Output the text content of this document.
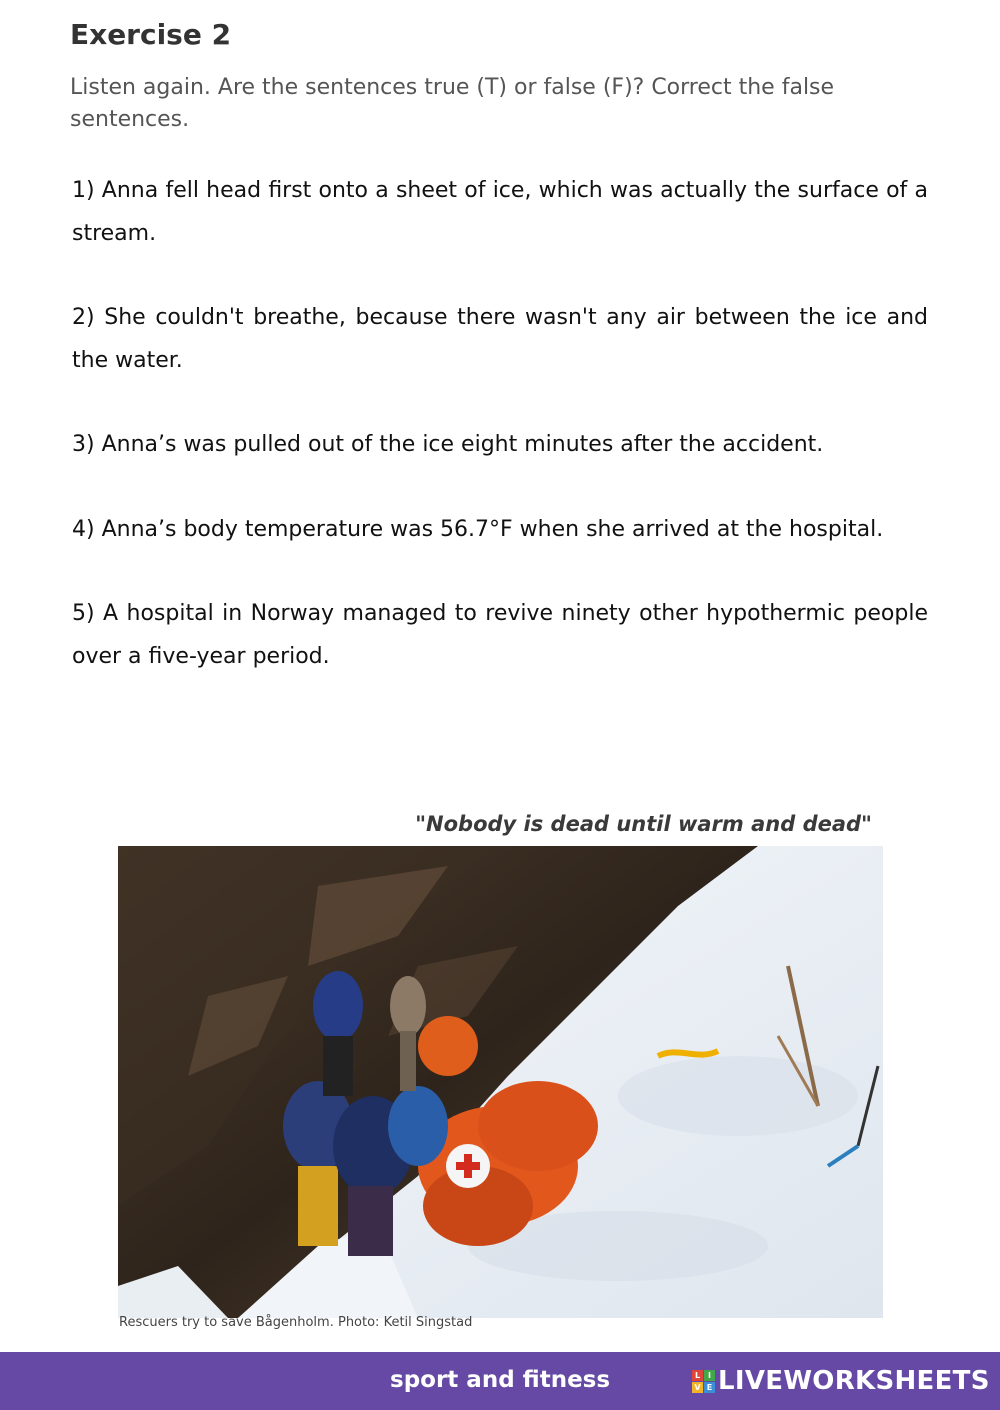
Exercise 2
Listen again. Are the sentences true (T) or false (F)? Correct the false sentences.

1) Anna fell head first onto a sheet of ice, which was actually the surface of a stream.

2) She couldn't breathe, because there wasn't any air between the ice and the water.

3) Anna’s was pulled out of the ice eight minutes after the accident.

4) Anna’s body temperature was 56.7°F when she arrived at the hospital.

5) A hospital in Norway managed to revive ninety other hypothermic people over a five-year period.

"Nobody is dead until warm and dead"
Rescuers try to save Bågenholm. Photo: Ketil Singstad
sport and fitness	L I
V E LIVEWORKSHEETS
